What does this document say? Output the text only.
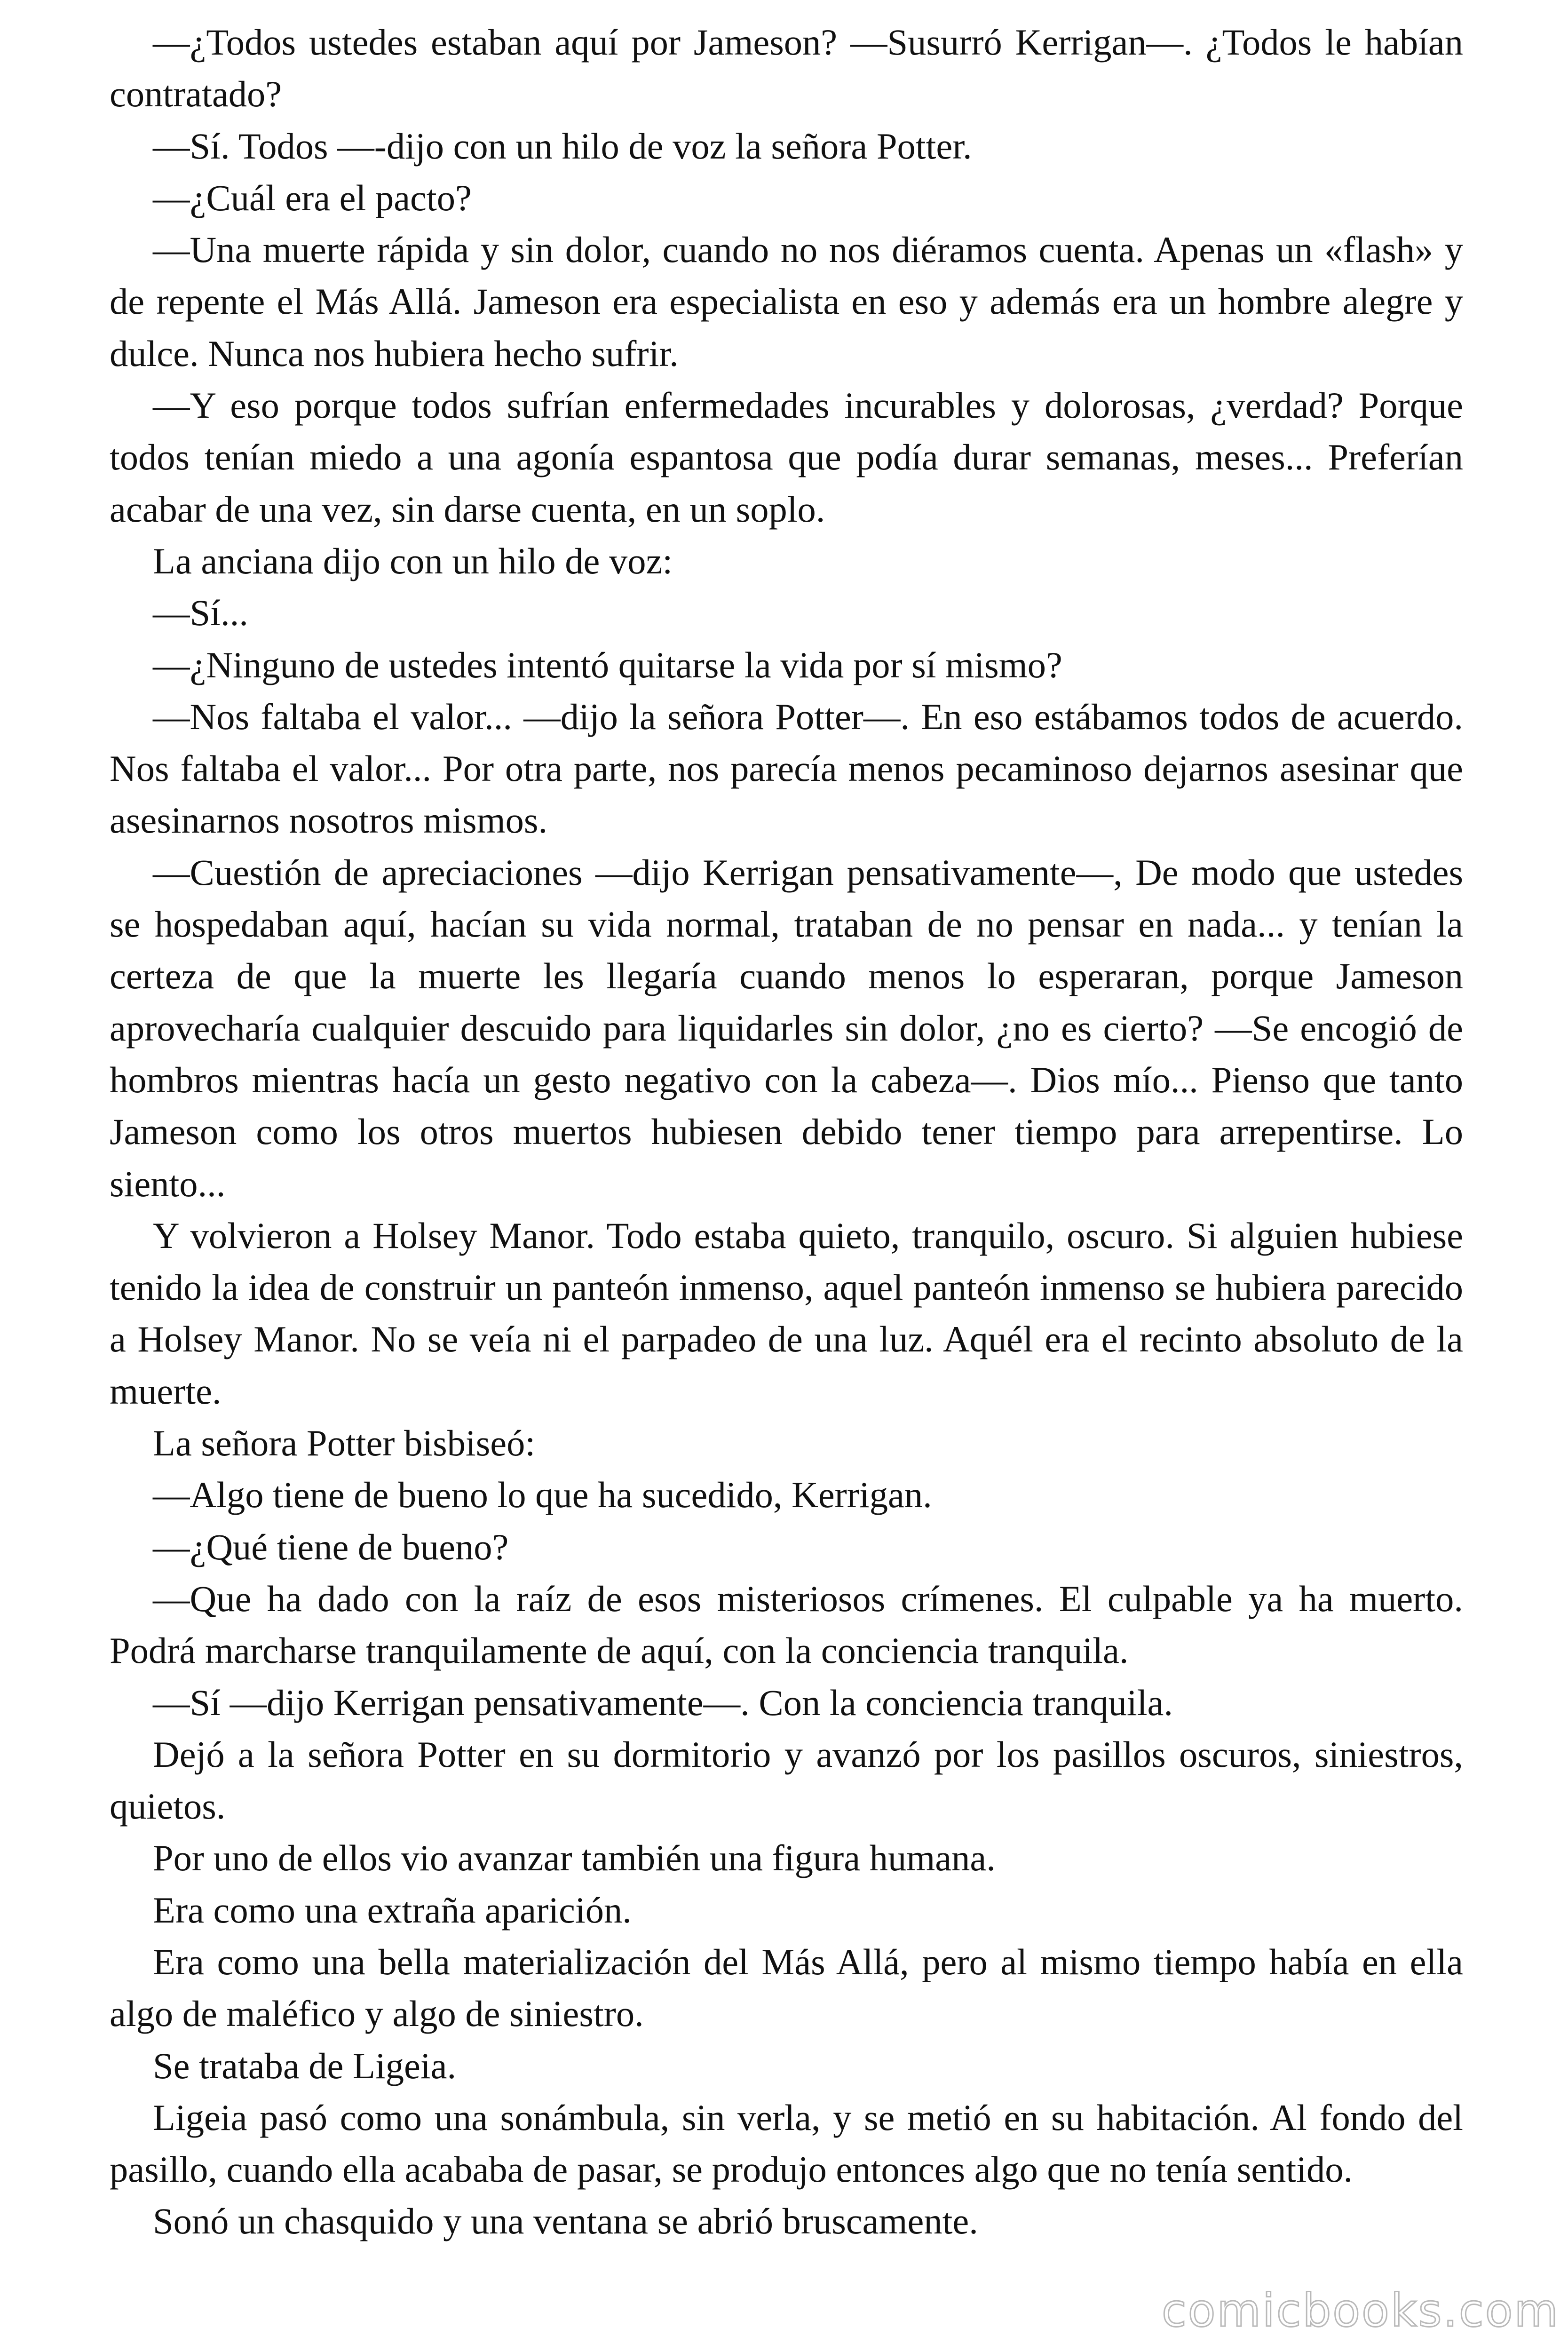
—¿Todos ustedes estaban aquí por Jameson? —Susurró Kerrigan—. ¿Todos le habían contratado?

—Sí. Todos —-dijo con un hilo de voz la señora Potter.

—¿Cuál era el pacto?

—Una muerte rápida y sin dolor, cuando no nos diéramos cuenta. Apenas un «flash» y de repente el Más Allá. Jameson era especialista en eso y además era un hombre alegre y dulce. Nunca nos hubiera hecho sufrir.

—Y eso porque todos sufrían enfermedades incurables y dolorosas, ¿verdad? Porque todos tenían miedo a una agonía espantosa que podía durar semanas, meses... Preferían acabar de una vez, sin darse cuenta, en un soplo.

La anciana dijo con un hilo de voz:

—Sí...

—¿Ninguno de ustedes intentó quitarse la vida por sí mismo?

—Nos faltaba el valor... —dijo la señora Potter—. En eso estábamos todos de acuerdo. Nos faltaba el valor... Por otra parte, nos parecía menos pecaminoso dejarnos asesinar que asesinarnos nosotros mismos.

—Cuestión de apreciaciones —dijo Kerrigan pensativamente—, De modo que ustedes se hospedaban aquí, hacían su vida normal, trataban de no pensar en nada... y tenían la certeza de que la muerte les llegaría cuando menos lo esperaran, porque Jameson aprovecharía cualquier descuido para liquidarles sin dolor, ¿no es cierto? —Se encogió de hombros mientras hacía un gesto negativo con la cabeza—. Dios mío... Pienso que tanto Jameson como los otros muertos hubiesen debido tener tiempo para arrepentirse. Lo siento...

Y volvieron a Holsey Manor. Todo estaba quieto, tranquilo, oscuro. Si alguien hubiese tenido la idea de construir un panteón inmenso, aquel panteón inmenso se hubiera parecido a Holsey Manor. No se veía ni el parpadeo de una luz. Aquél era el recinto absoluto de la muerte.

La señora Potter bisbiseó:

—Algo tiene de bueno lo que ha sucedido, Kerrigan.

—¿Qué tiene de bueno?

—Que ha dado con la raíz de esos misteriosos crímenes. El culpable ya ha muerto. Podrá marcharse tranquilamente de aquí, con la conciencia tranquila.

—Sí —dijo Kerrigan pensativamente—. Con la conciencia tranquila.

Dejó a la señora Potter en su dormitorio y avanzó por los pasillos oscuros, siniestros, quietos.

Por uno de ellos vio avanzar también una figura humana.

Era como una extraña aparición.

Era como una bella materialización del Más Allá, pero al mismo tiempo había en ella algo de maléfico y algo de siniestro.

Se trataba de Ligeia.

Ligeia pasó como una sonámbula, sin verla, y se metió en su habitación. Al fondo del pasillo, cuando ella acababa de pasar, se produjo entonces algo que no tenía sentido.

Sonó un chasquido y una ventana se abrió bruscamente.

comicbooks.com
